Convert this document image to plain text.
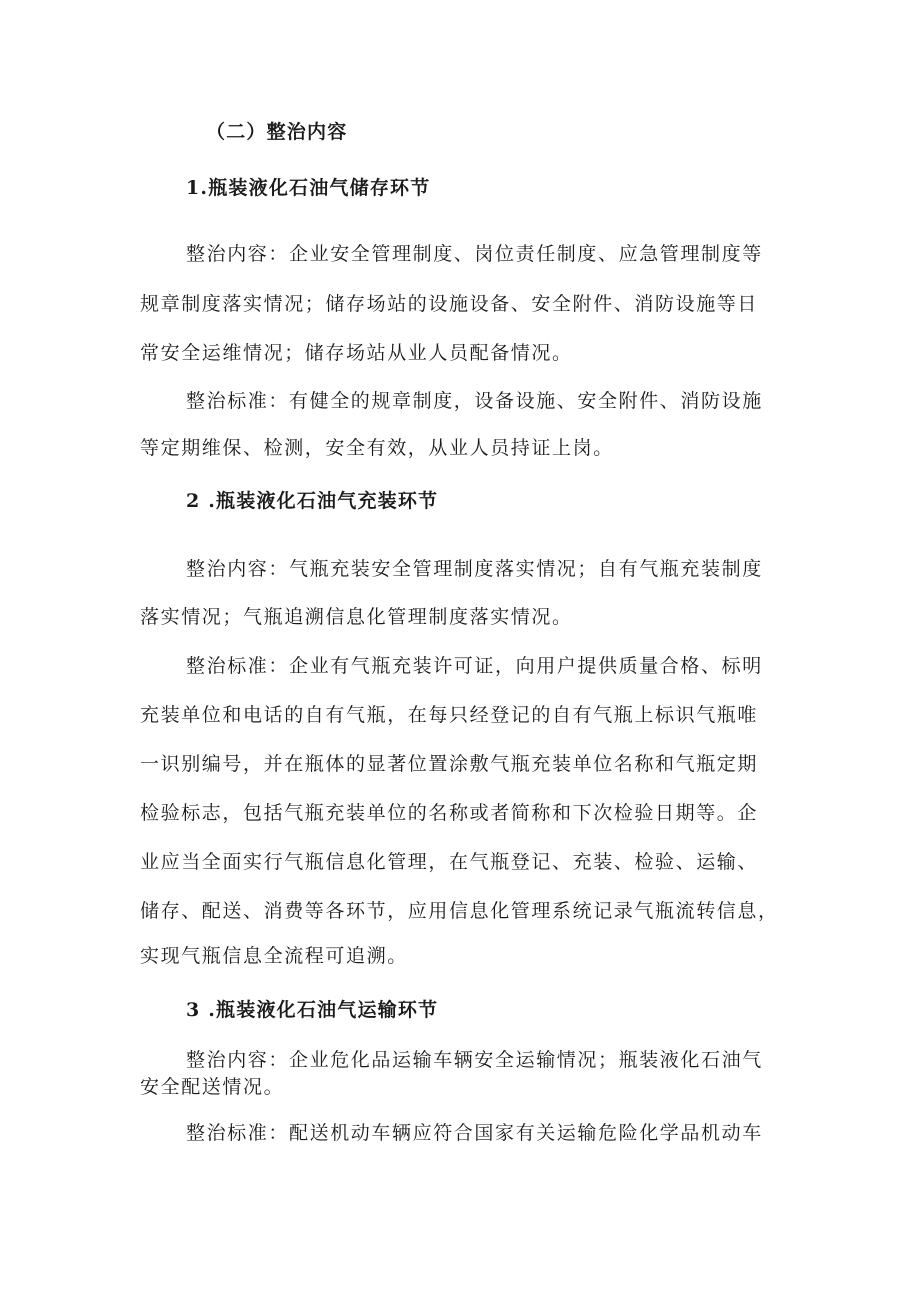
（二）整治内容
1.瓶装液化石油气储存环节
整治内容：企业安全管理制度、岗位责任制度、应急管理制度等
规章制度落实情况；储存场站的设施设备、安全附件、消防设施等日
常安全运维情况；储存场站从业人员配备情况。
整治标准：有健全的规章制度，设备设施、安全附件、消防设施
等定期维保、检测，安全有效，从业人员持证上岗。
2 .瓶装液化石油气充装环节
整治内容：气瓶充装安全管理制度落实情况；自有气瓶充装制度
落实情况；气瓶追溯信息化管理制度落实情况。
整治标准：企业有气瓶充装许可证，向用户提供质量合格、标明
充装单位和电话的自有气瓶，在每只经登记的自有气瓶上标识气瓶唯
一识别编号，并在瓶体的显著位置涂敷气瓶充装单位名称和气瓶定期
检验标志，包括气瓶充装单位的名称或者简称和下次检验日期等。企
业应当全面实行气瓶信息化管理，在气瓶登记、充装、检验、运输、
储存、配送、消费等各环节，应用信息化管理系统记录气瓶流转信息，
实现气瓶信息全流程可追溯。
3 .瓶装液化石油气运输环节
整治内容：企业危化品运输车辆安全运输情况；瓶装液化石油气
安全配送情况。
整治标准：配送机动车辆应符合国家有关运输危险化学品机动车
